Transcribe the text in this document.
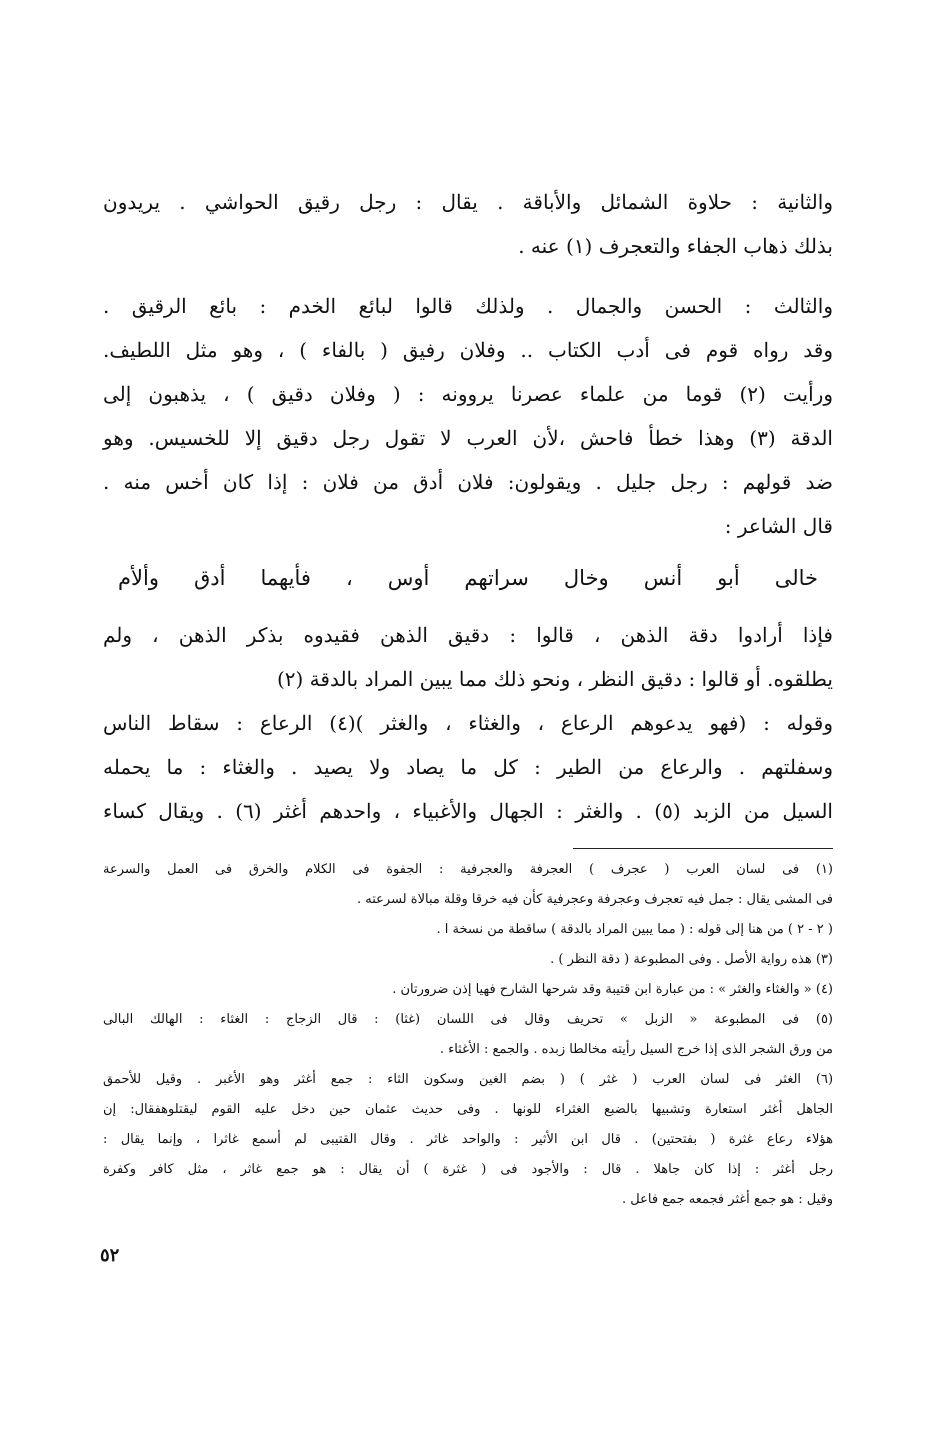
والثانية : حلاوة الشمائل والأباقة . يقال : رجل رقيق الحواشي . يريدون
بذلك ذهاب الجفاء والتعجرف (١) عنه .
والثالث : الحسن والجمال . ولذلك قالوا لبائع الخدم : بائع الرقيق .
وقد رواه قوم فى أدب الكتاب .. وفلان رفيق ( بالفاء ) ، وهو مثل اللطيف.
ورأيت (٢) قوما من علماء عصرنا يروونه : ( وفلان دقيق ) ، يذهبون إلى
الدقة (٣) وهذا خطأ فاحش ،لأن العرب لا تقول رجل دقيق إلا للخسيس. وهو
ضد قولهم : رجل جليل . ويقولون: فلان أدق من فلان : إذا كان أخس منه .
قال الشاعر :
خالى أبو أنس وخال سراتهم أوس ، فأيهما أدق وألأم
فإذا أرادوا دقة الذهن ، قالوا : دقيق الذهن فقيدوه بذكر الذهن ، ولم
يطلقوه. أو قالوا : دقيق النظر ، ونحو ذلك مما يبين المراد بالدقة (٢)
وقوله : (فهو يدعوهم الرعاع ، والغثاء ، والغثر )(٤) الرعاع : سقاط الناس
وسفلتهم . والرعاع من الطير : كل ما يصاد ولا يصيد . والغثاء : ما يحمله
السيل من الزبد (٥) . والغثر : الجهال والأغبياء ، واحدهم أغثر (٦) . ويقال كساء
(١) فى لسان العرب ( عجرف ) العجرفة والعجرفية : الجفوة فى الكلام والخرق فى العمل والسرعة
فى المشى يقال : جمل فيه تعجرف وعجرفة وعجرفية كأن فيه خرقا وقلة مبالاة لسرعته .
( ٢ - ٢ ) من هنا إلى قوله : ( مما يبين المراد بالدقة ) ساقطة من نسخة ا .
(٣) هذه رواية الأصل . وفى المطبوعة ( دقة النظر ) .
(٤) « والغثاء والغثر » : من عبارة ابن قتيبة وقد شرحها الشارح فهيا إذن ضرورتان .
(٥) فى المطبوعة « الزبل » تحريف وقال فى اللسان (غثا) : قال الزجاج : الغثاء : الهالك البالى
من ورق الشجر الذى إذا خرج السيل رأيته مخالطا زبده . والجمع : الأغثاء .
(٦) الغثر فى لسان العرب ( غثر ) ( بضم الغين وسكون الثاء : جمع أغثر وهو الأغبر . وقيل للأحمق
الجاهل أغثر استعارة وتشبيها بالضبع الغثراء للونها . وفى حديث عثمان حين دخل عليه القوم ليقتلوهفقال: إن
هؤلاء رعاع غثرة ( بفتحتين) . قال ابن الأثير : والواحد غاثر . وقال القتيبى لم أسمع غاثرا ، وإنما يقال :
رجل أغثر : إذا كان جاهلا . قال : والأجود فى ( غثرة ) أن يقال : هو جمع غاثر ، مثل كافر وكفرة
وقيل : هو جمع أغثر فجمعه جمع فاعل .
٥٢
